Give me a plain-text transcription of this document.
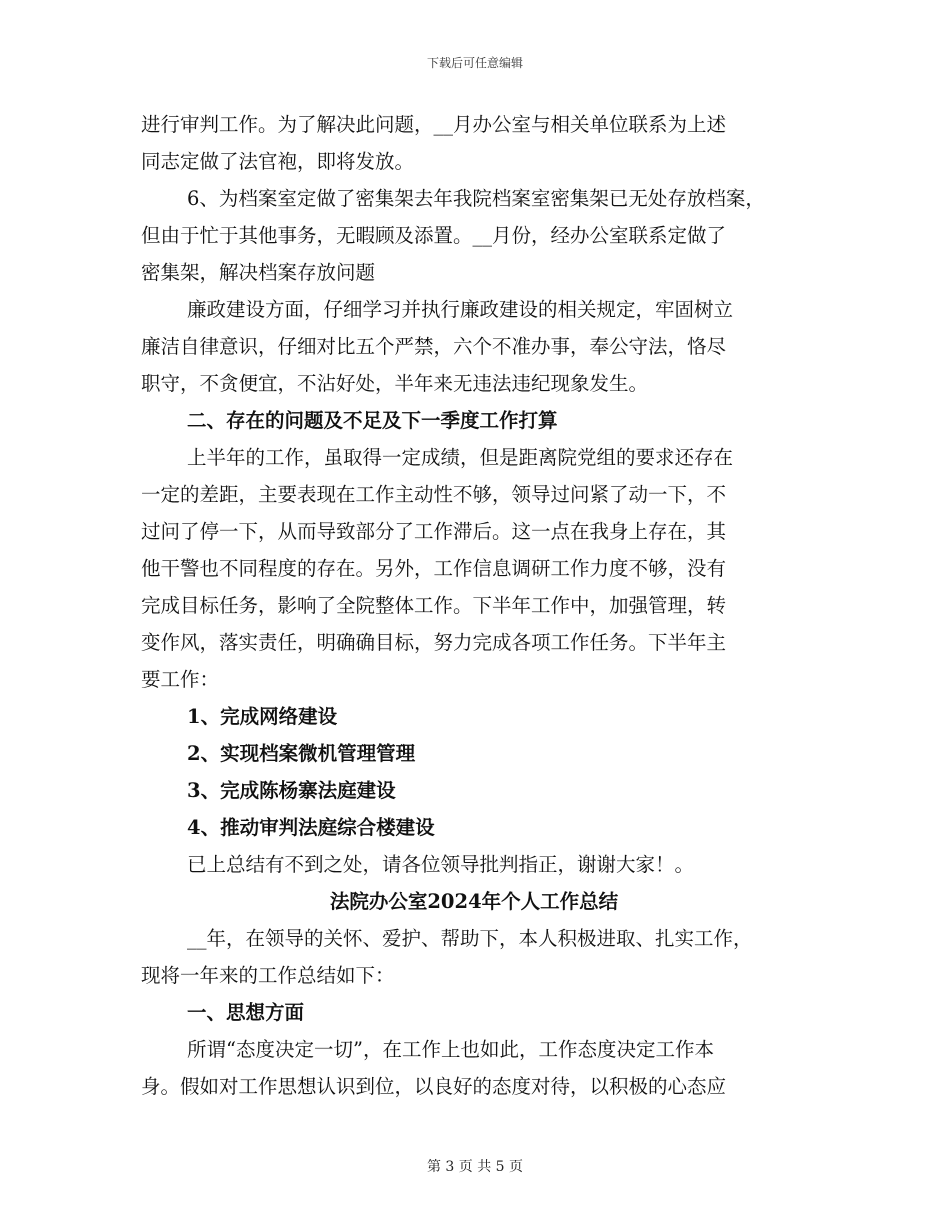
下载后可任意编辑

进行审判工作。为了解决此问题，__月办公室与相关单位联系为上述
同志定做了法官袍，即将发放。

6、为档案室定做了密集架去年我院档案室密集架已无处存放档案，
但由于忙于其他事务，无暇顾及添置。__月份，经办公室联系定做了
密集架，解决档案存放问题

廉政建设方面，仔细学习并执行廉政建设的相关规定，牢固树立
廉洁自律意识，仔细对比五个严禁，六个不准办事，奉公守法，恪尽
职守，不贪便宜，不沾好处，半年来无违法违纪现象发生。

二、存在的问题及不足及下一季度工作打算

上半年的工作，虽取得一定成绩，但是距离院党组的要求还存在
一定的差距，主要表现在工作主动性不够，领导过问紧了动一下，不
过问了停一下，从而导致部分了工作滞后。这一点在我身上存在，其
他干警也不同程度的存在。另外，工作信息调研工作力度不够，没有
完成目标任务，影响了全院整体工作。下半年工作中，加强管理，转
变作风，落实责任，明确确目标，努力完成各项工作任务。下半年主
要工作：

1、完成网络建设

2、实现档案微机管理管理

3、完成陈杨寨法庭建设

4、推动审判法庭综合楼建设

已上总结有不到之处，请各位领导批判指正，谢谢大家！。

法院办公室2024年个人工作总结

__年，在领导的关怀、爱护、帮助下，本人积极进取、扎实工作，
现将一年来的工作总结如下：

一、思想方面

所谓“态度决定一切”，在工作上也如此，工作态度决定工作本
身。假如对工作思想认识到位，以良好的态度对待，以积极的心态应

第 3 页 共 5 页
